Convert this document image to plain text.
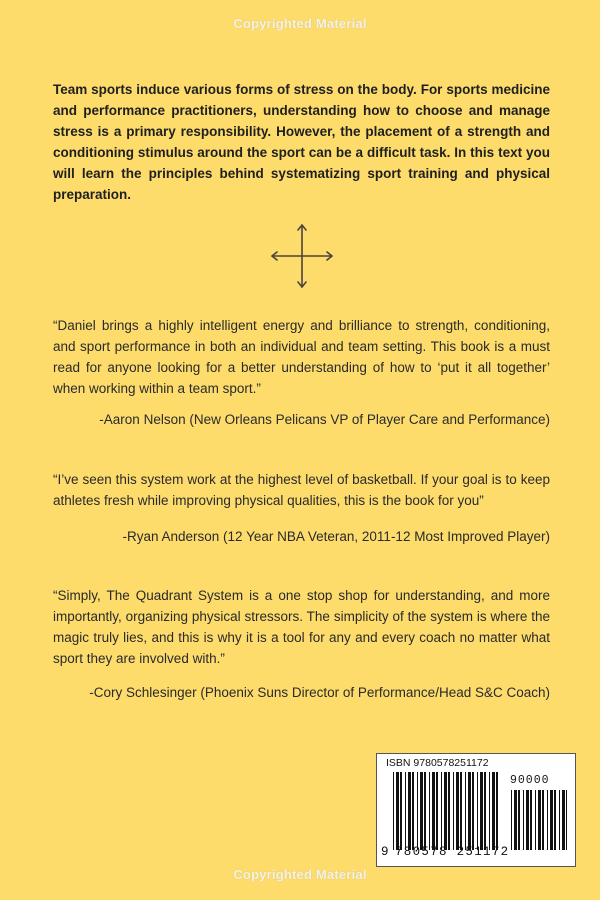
Copyrighted Material
Team sports induce various forms of stress on the body. For sports medicine and performance practitioners, understanding how to choose and manage stress is a primary responsibility. However, the placement of a strength and conditioning stimulus around the sport can be a difficult task. In this text you will learn the principles behind systematizing sport training and physical preparation.
“Daniel brings a highly intelligent energy and brilliance to strength, conditioning, and sport performance in both an individual and team setting. This book is a must read for anyone looking for a better understanding of how to ‘put it all together’ when working within a team sport.”
-Aaron Nelson (New Orleans Pelicans VP of Player Care and Performance)
“I’ve seen this system work at the highest level of basketball. If your goal is to keep athletes fresh while improving physical qualities, this is the book for you”
-Ryan Anderson (12 Year NBA Veteran, 2011-12 Most Improved Player)
“Simply, The Quadrant System is a one stop shop for understanding, and more importantly, organizing physical stressors. The simplicity of the system is where the magic truly lies, and this is why it is a tool for any and every coach no matter what sport they are involved with.”
-Cory Schlesinger (Phoenix Suns Director of Performance/Head S&C Coach)
ISBN 9780578251172
90000
9 780578 251172
Copyrighted Material
